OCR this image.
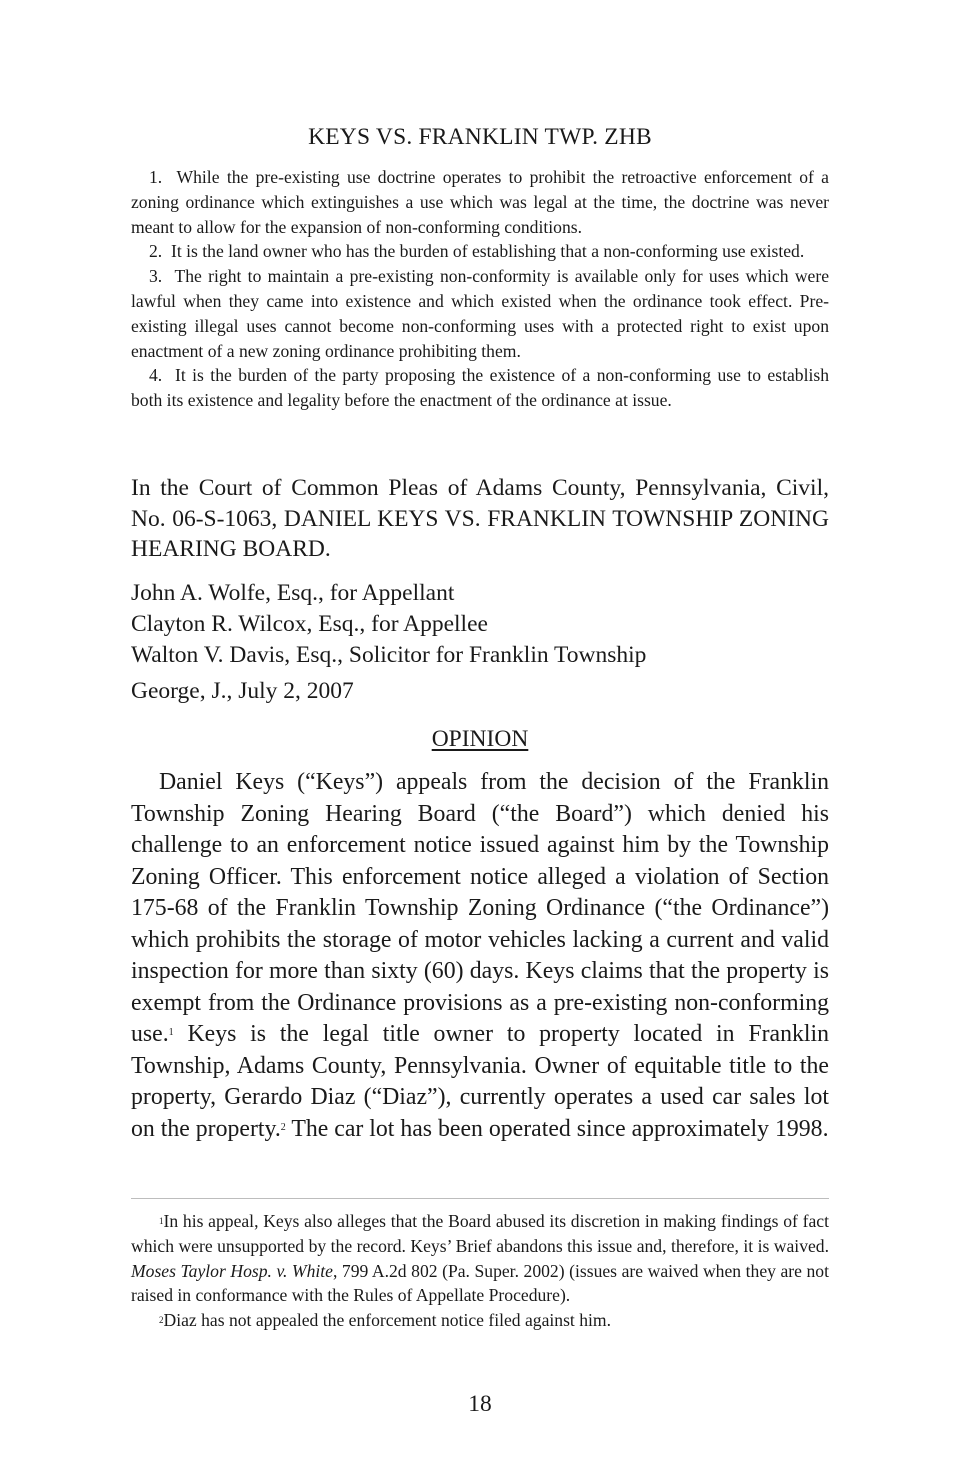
KEYS VS. FRANKLIN TWP. ZHB

1. While the pre-existing use doctrine operates to prohibit the retroactive enforcement of a zoning ordinance which extinguishes a use which was legal at the time, the doctrine was never meant to allow for the expansion of non-conforming conditions.

2. It is the land owner who has the burden of establishing that a non-conforming use existed.

3. The right to maintain a pre-existing non-conformity is available only for uses which were lawful when they came into existence and which existed when the ordinance took effect. Pre-existing illegal uses cannot become non-conforming uses with a protected right to exist upon enactment of a new zoning ordinance prohibiting them.

4. It is the burden of the party proposing the existence of a non-conforming use to establish both its existence and legality before the enactment of the ordinance at issue.

In the Court of Common Pleas of Adams County, Pennsylvania, Civil, No. 06-S-1063, DANIEL KEYS VS. FRANKLIN TOWNSHIP ZONING HEARING BOARD.

John A. Wolfe, Esq., for Appellant
Clayton R. Wilcox, Esq., for Appellee
Walton V. Davis, Esq., Solicitor for Franklin Township
George, J., July 2, 2007
OPINION

Daniel Keys (“Keys”) appeals from the decision of the Franklin Township Zoning Hearing Board (“the Board”) which denied his challenge to an enforcement notice issued against him by the Township Zoning Officer. This enforcement notice alleged a violation of Section 175-68 of the Franklin Township Zoning Ordinance (“the Ordinance”) which prohibits the storage of motor vehicles lacking a current and valid inspection for more than sixty (60) days. Keys claims that the property is exempt from the Ordinance provisions as a pre-existing non-conforming use.$^1$ Keys is the legal title owner to property located in Franklin Township, Adams County, Pennsylvania. Owner of equitable title to the property, Gerardo Diaz (“Diaz”), currently operates a used car sales lot on the property.$^2$ The car lot has been operated since approximately 1998.

$^1$In his appeal, Keys also alleges that the Board abused its discretion in making findings of fact which were unsupported by the record. Keys’ Brief abandons this issue and, therefore, it is waived. Moses Taylor Hosp. v. White, 799 A.2d 802 (Pa. Super. 2002) (issues are waived when they are not raised in conformance with the Rules of Appellate Procedure).

$^2$Diaz has not appealed the enforcement notice filed against him.

18
